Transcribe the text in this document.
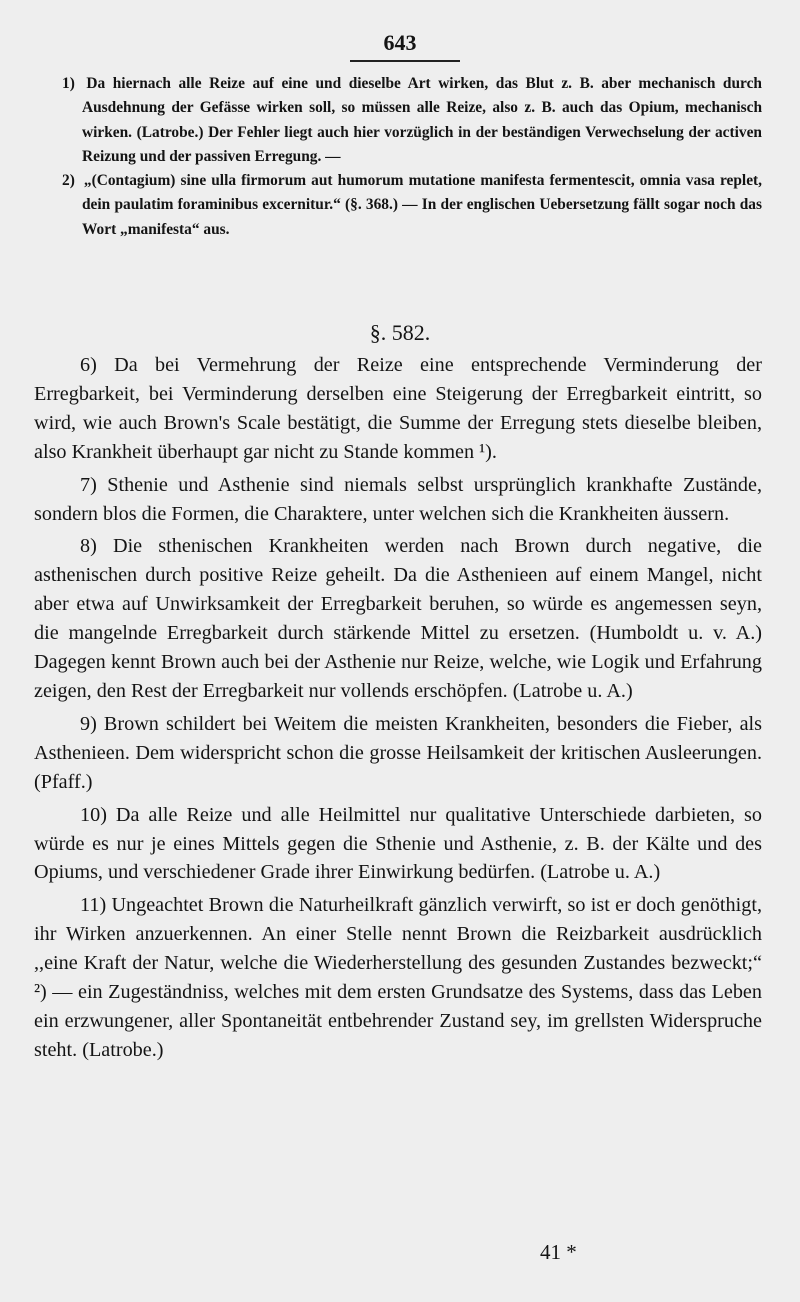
643

1) Da hiernach alle Reize auf eine und dieselbe Art wirken, das Blut z. B. aber mechanisch durch Ausdehnung der Gefässe wirken soll, so müssen alle Reize, also z. B. auch das Opium, mechanisch wirken. (Latrobe.) Der Fehler liegt auch hier vorzüglich in der beständigen Verwechselung der activen Reizung und der passiven Erregung. —

2) „(Contagium) sine ulla firmorum aut humorum mutatione manifesta fermentescit, omnia vasa replet, dein paulatim foraminibus excernitur.“ (§. 368.) — In der englischen Uebersetzung fällt sogar noch das Wort „manifesta“ aus.

§. 582.

6) Da bei Vermehrung der Reize eine entsprechende Verminderung der Erregbarkeit, bei Verminderung derselben eine Steigerung der Erregbarkeit eintritt, so wird, wie auch Brown's Scale bestätigt, die Summe der Erregung stets dieselbe bleiben, also Krankheit überhaupt gar nicht zu Stande kommen ¹).

7) Sthenie und Asthenie sind niemals selbst ursprünglich krankhafte Zustände, sondern blos die Formen, die Charaktere, unter welchen sich die Krankheiten äussern.

8) Die sthenischen Krankheiten werden nach Brown durch negative, die asthenischen durch positive Reize geheilt. Da die Asthenieen auf einem Mangel, nicht aber etwa auf Unwirksamkeit der Erregbarkeit beruhen, so würde es angemessen seyn, die mangelnde Erregbarkeit durch stärkende Mittel zu ersetzen. (Humboldt u. v. A.) Dagegen kennt Brown auch bei der Asthenie nur Reize, welche, wie Logik und Erfahrung zeigen, den Rest der Erregbarkeit nur vollends erschöpfen. (Latrobe u. A.)

9) Brown schildert bei Weitem die meisten Krankheiten, besonders die Fieber, als Asthenieen. Dem widerspricht schon die grosse Heilsamkeit der kritischen Ausleerungen. (Pfaff.)

10) Da alle Reize und alle Heilmittel nur qualitative Unterschiede darbieten, so würde es nur je eines Mittels gegen die Sthenie und Asthenie, z. B. der Kälte und des Opiums, und verschiedener Grade ihrer Einwirkung bedürfen. (Latrobe u. A.)

11) Ungeachtet Brown die Naturheilkraft gänzlich verwirft, so ist er doch genöthigt, ihr Wirken anzuerkennen. An einer Stelle nennt Brown die Reizbarkeit ausdrücklich ,,eine Kraft der Natur, welche die Wiederherstellung des gesunden Zustandes bezweckt;“ ²) — ein Zugeständniss, welches mit dem ersten Grundsatze des Systems, dass das Leben ein erzwungener, aller Spontaneität entbehrender Zustand sey, im grellsten Widerspruche steht. (Latrobe.)

41 *
